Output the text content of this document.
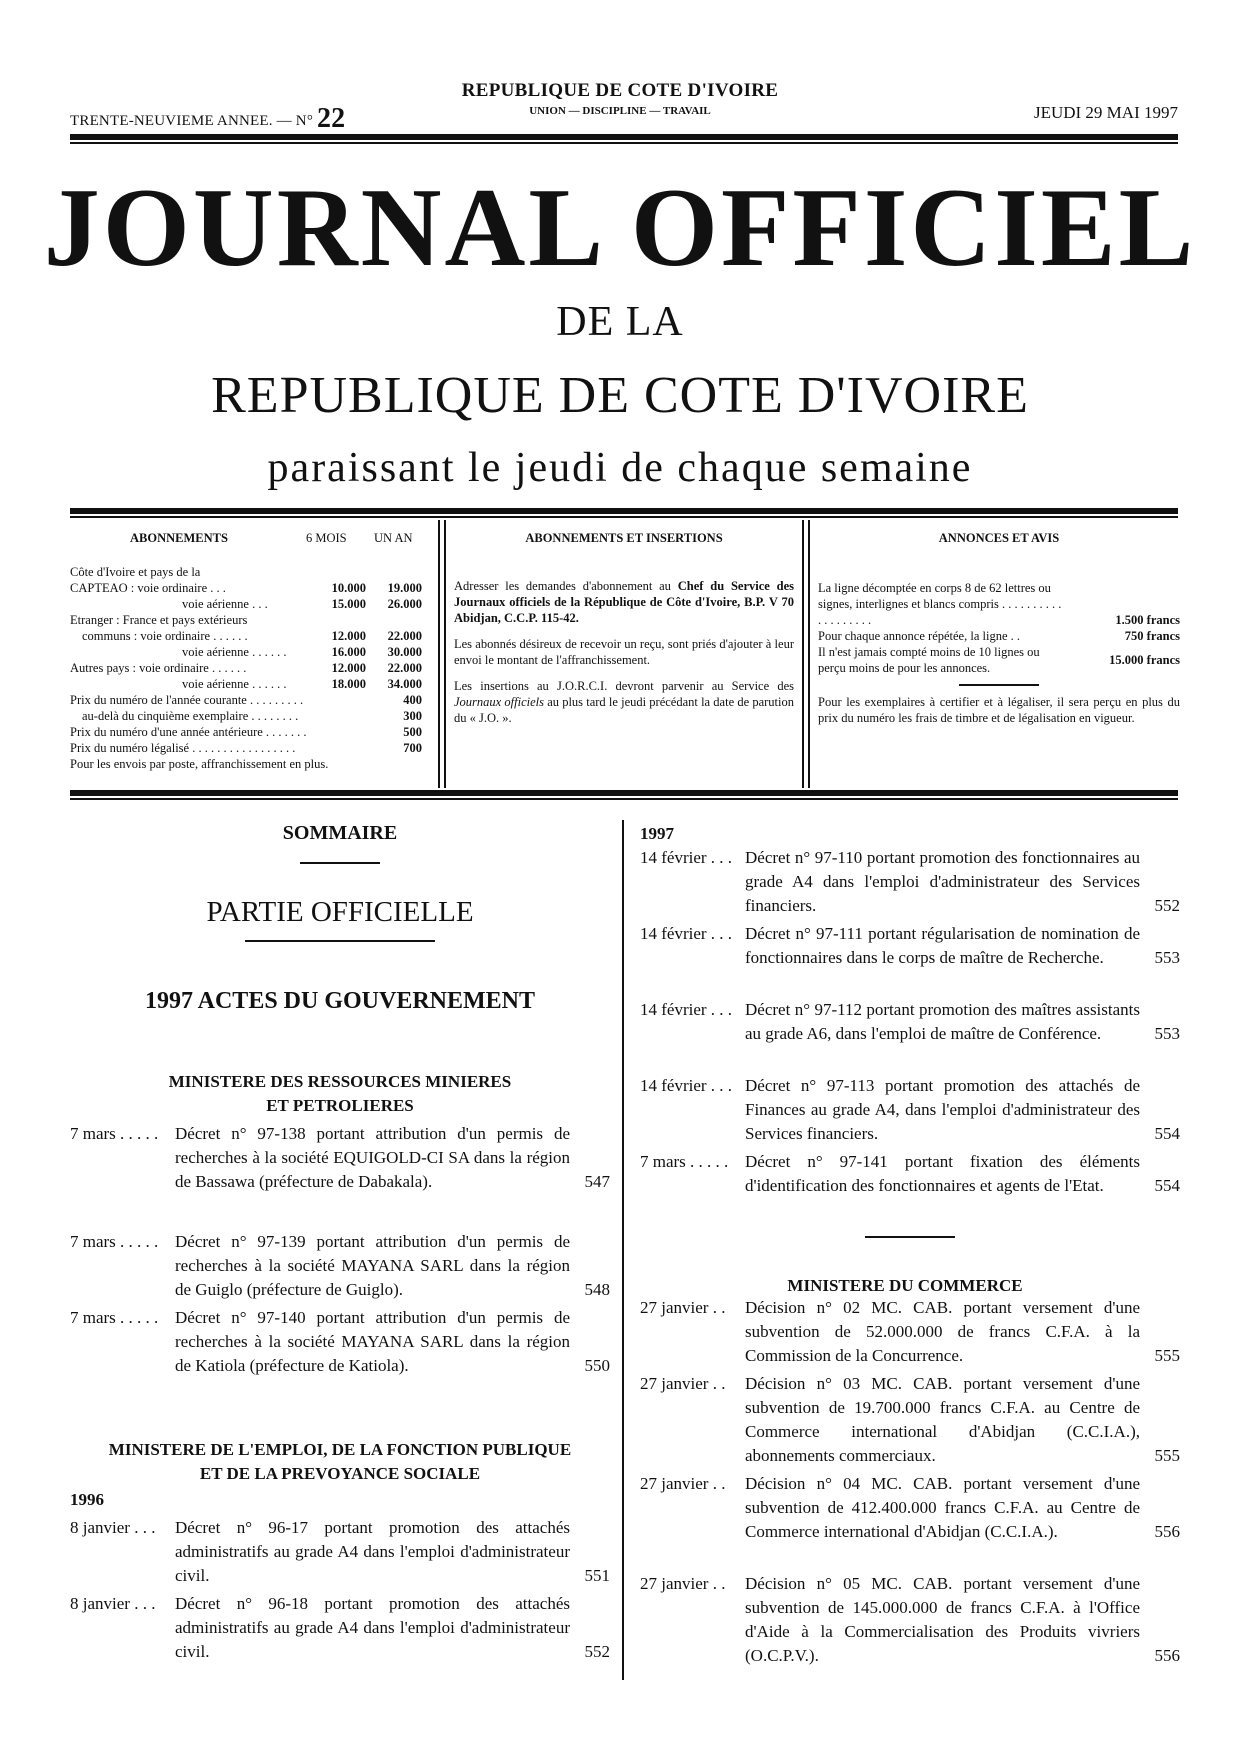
TRENTE-NEUVIEME ANNEE. — N° 22
REPUBLIQUE DE COTE D'IVOIRE
UNION — DISCIPLINE — TRAVAIL	JEUDI 29 MAI 1997
JOURNAL OFFICIEL
DE LA
REPUBLIQUE DE COTE D'IVOIRE
paraissant le jeudi de chaque semaine
ABONNEMENTS	6 MOIS UN AN
Côte d'Ivoire et pays de la
CAPTEAO : voie ordinaire . . .	10.000	19.000
voie aérienne . . .	15.000	26.000
Etranger : France et pays extérieurs
communs : voie ordinaire . . . . . .	12.000	22.000
voie aérienne . . . . . .	16.000	30.000
Autres pays : voie ordinaire . . . . . .	12.000	22.000
voie aérienne . . . . . .	18.000	34.000
Prix du numéro de l'année courante . . . . . . . . .	400
au-delà du cinquième exemplaire . . . . . . . .	300
Prix du numéro d'une année antérieure . . . . . . .	500
Prix du numéro légalisé . . . . . . . . . . . . . . . . .	700
Pour les envois par poste, affranchissement en plus.
ABONNEMENTS ET INSERTIONS

Adresser les demandes d'abonnement au Chef du Service des Journaux officiels de la République de Côte d'Ivoire, B.P. V 70 Abidjan, C.C.P. 115-42.

Les abonnés désireux de recevoir un reçu, sont priés d'ajouter à leur envoi le montant de l'affranchissement.

Les insertions au J.O.R.C.I. devront parvenir au Service des Journaux officiels au plus tard le jeudi précédant la date de parution du « J.O. ».

ANNONCES ET AVIS
La ligne décomptée en corps 8 de 62 lettres ou signes, interlignes et blancs compris . . . . . . . . . . . . . . . . . . .	1.500 francs
Pour chaque annonce répétée, la ligne . .	750 francs
Il n'est jamais compté moins de 10 lignes ou perçu moins de pour les annonces.
15.000 francs

Pour les exemplaires à certifier et à légaliser, il sera perçu en plus du prix du numéro les frais de timbre et de légalisation en vigueur.

SOMMAIRE
PARTIE OFFICIELLE
1997 ACTES DU GOUVERNEMENT
MINISTERE DES RESSOURCES MINIERES
ET PETROLIERES
7 mars . . . . . Décret n° 97-138 portant attribution d'un permis de recherches à la société EQUIGOLD-CI SA dans la région de Bassawa (préfecture de Dabakala).	547
7 mars . . . . . Décret n° 97-139 portant attribution d'un permis de recherches à la société MAYANA SARL dans la région de Guiglo (préfecture de Guiglo).	548
7 mars . . . . . Décret n° 97-140 portant attribution d'un permis de recherches à la société MAYANA SARL dans la région de Katiola (préfecture de Katiola).	550
MINISTERE DE L'EMPLOI, DE LA FONCTION PUBLIQUE
ET DE LA PREVOYANCE SOCIALE
1996
8 janvier . . .	Décret n° 96-17 portant promotion des attachés administratifs au grade A4 dans l'emploi d'administrateur civil.	551
8 janvier . . .	Décret n° 96-18 portant promotion des attachés administratifs au grade A4 dans l'emploi d'administrateur civil.	552
1997
14 février . . . Décret n° 97-110 portant promotion des fonctionnaires au grade A4 dans l'emploi d'administrateur des Services financiers.	552
14 février . . . Décret n° 97-111 portant régularisation de nomination de fonctionnaires dans le corps de maître de Recherche.	553
14 février . . . Décret n° 97-112 portant promotion des maîtres assistants au grade A6, dans l'emploi de maître de Conférence.	553
14 février . . . Décret n° 97-113 portant promotion des attachés de Finances au grade A4, dans l'emploi d'administrateur des Services financiers.	554
7 mars . . . . . Décret n° 97-141 portant fixation des éléments d'identification des fonctionnaires et agents de l'Etat.	554
MINISTERE DU COMMERCE
27 janvier . .	Décision n° 02 MC. CAB. portant versement d'une subvention de 52.000.000 de francs C.F.A. à la Commission de la Concurrence.	555
27 janvier . .	Décision n° 03 MC. CAB. portant versement d'une subvention de 19.700.000 francs C.F.A. au Centre de Commerce international d'Abidjan (C.C.I.A.), abonnements commerciaux.	555
27 janvier . .	Décision n° 04 MC. CAB. portant versement d'une subvention de 412.400.000 francs C.F.A. au Centre de Commerce international d'Abidjan (C.C.I.A.).	556
27 janvier . .	Décision n° 05 MC. CAB. portant versement d'une subvention de 145.000.000 de francs C.F.A. à l'Office d'Aide à la Commercialisation des Produits vivriers (O.C.P.V.).	556
